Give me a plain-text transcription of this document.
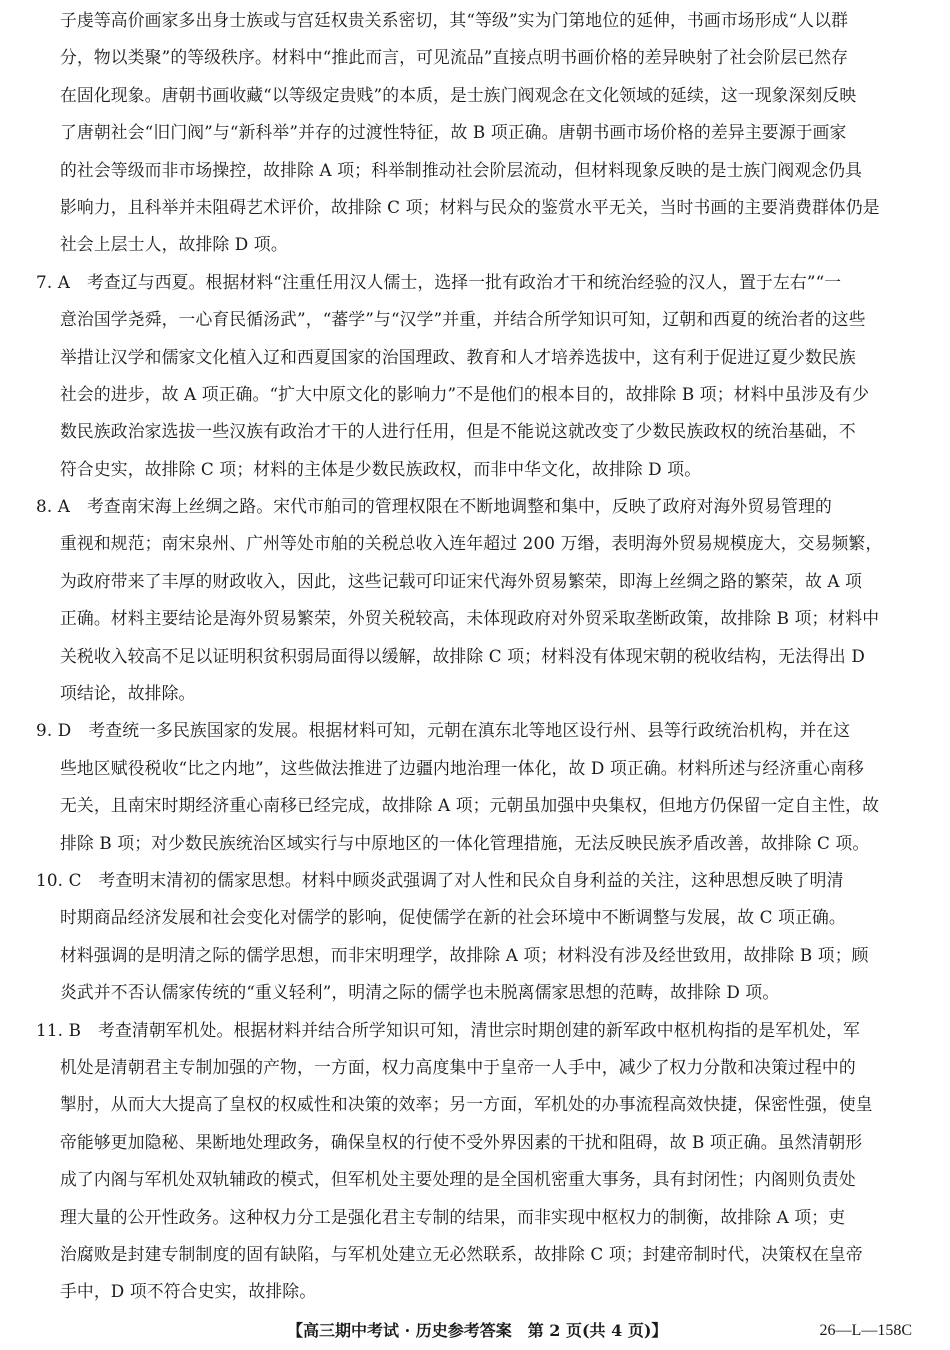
子虔等高价画家多出身士族或与宫廷权贵关系密切，其“等级”实为门第地位的延伸，书画市场形成“人以群
分，物以类聚”的等级秩序。材料中“推此而言，可见流品”直接点明书画价格的差异映射了社会阶层已然存
在固化现象。唐朝书画收藏“以等级定贵贱”的本质，是士族门阀观念在文化领域的延续，这一现象深刻反映
了唐朝社会“旧门阀”与“新科举”并存的过渡性特征，故 B 项正确。唐朝书画市场价格的差异主要源于画家
的社会等级而非市场操控，故排除 A 项；科举制推动社会阶层流动，但材料现象反映的是士族门阀观念仍具
影响力，且科举并未阻碍艺术评价，故排除 C 项；材料与民众的鉴赏水平无关，当时书画的主要消费群体仍是
社会上层士人，故排除 D 项。
7. A　考查辽与西夏。根据材料“注重任用汉人儒士，选择一批有政治才干和统治经验的汉人，置于左右”“一
意治国学尧舜，一心育民循汤武”，“蕃学”与“汉学”并重，并结合所学知识可知，辽朝和西夏的统治者的这些
举措让汉学和儒家文化植入辽和西夏国家的治国理政、教育和人才培养选拔中，这有利于促进辽夏少数民族
社会的进步，故 A 项正确。“扩大中原文化的影响力”不是他们的根本目的，故排除 B 项；材料中虽涉及有少
数民族政治家选拔一些汉族有政治才干的人进行任用，但是不能说这就改变了少数民族政权的统治基础，不
符合史实，故排除 C 项；材料的主体是少数民族政权，而非中华文化，故排除 D 项。
8. A　考查南宋海上丝绸之路。宋代市舶司的管理权限在不断地调整和集中，反映了政府对海外贸易管理的
重视和规范；南宋泉州、广州等处市舶的关税总收入连年超过 200 万缗，表明海外贸易规模庞大，交易频繁，
为政府带来了丰厚的财政收入，因此，这些记载可印证宋代海外贸易繁荣，即海上丝绸之路的繁荣，故 A 项
正确。材料主要结论是海外贸易繁荣，外贸关税较高，未体现政府对外贸采取垄断政策，故排除 B 项；材料中
关税收入较高不足以证明积贫积弱局面得以缓解，故排除 C 项；材料没有体现宋朝的税收结构，无法得出 D
项结论，故排除。
9. D　考查统一多民族国家的发展。根据材料可知，元朝在滇东北等地区设行州、县等行政统治机构，并在这
些地区赋役税收“比之内地”，这些做法推进了边疆内地治理一体化，故 D 项正确。材料所述与经济重心南移
无关，且南宋时期经济重心南移已经完成，故排除 A 项；元朝虽加强中央集权，但地方仍保留一定自主性，故
排除 B 项；对少数民族统治区域实行与中原地区的一体化管理措施，无法反映民族矛盾改善，故排除 C 项。
10. C　考查明末清初的儒家思想。材料中顾炎武强调了对人性和民众自身利益的关注，这种思想反映了明清
时期商品经济发展和社会变化对儒学的影响，促使儒学在新的社会环境中不断调整与发展，故 C 项正确。
材料强调的是明清之际的儒学思想，而非宋明理学，故排除 A 项；材料没有涉及经世致用，故排除 B 项；顾
炎武并不否认儒家传统的“重义轻利”，明清之际的儒学也未脱离儒家思想的范畴，故排除 D 项。
11. B　考查清朝军机处。根据材料并结合所学知识可知，清世宗时期创建的新军政中枢机构指的是军机处，军
机处是清朝君主专制加强的产物，一方面，权力高度集中于皇帝一人手中，减少了权力分散和决策过程中的
掣肘，从而大大提高了皇权的权威性和决策的效率；另一方面，军机处的办事流程高效快捷，保密性强，使皇
帝能够更加隐秘、果断地处理政务，确保皇权的行使不受外界因素的干扰和阻碍，故 B 项正确。虽然清朝形
成了内阁与军机处双轨辅政的模式，但军机处主要处理的是全国机密重大事务，具有封闭性；内阁则负责处
理大量的公开性政务。这种权力分工是强化君主专制的结果，而非实现中枢权力的制衡，故排除 A 项；吏
治腐败是封建专制制度的固有缺陷，与军机处建立无必然联系，故排除 C 项；封建帝制时代，决策权在皇帝
手中，D 项不符合史实，故排除。
【高三期中考试 · 历史参考答案　第 2 页(共 4 页)】	26—L—158C
